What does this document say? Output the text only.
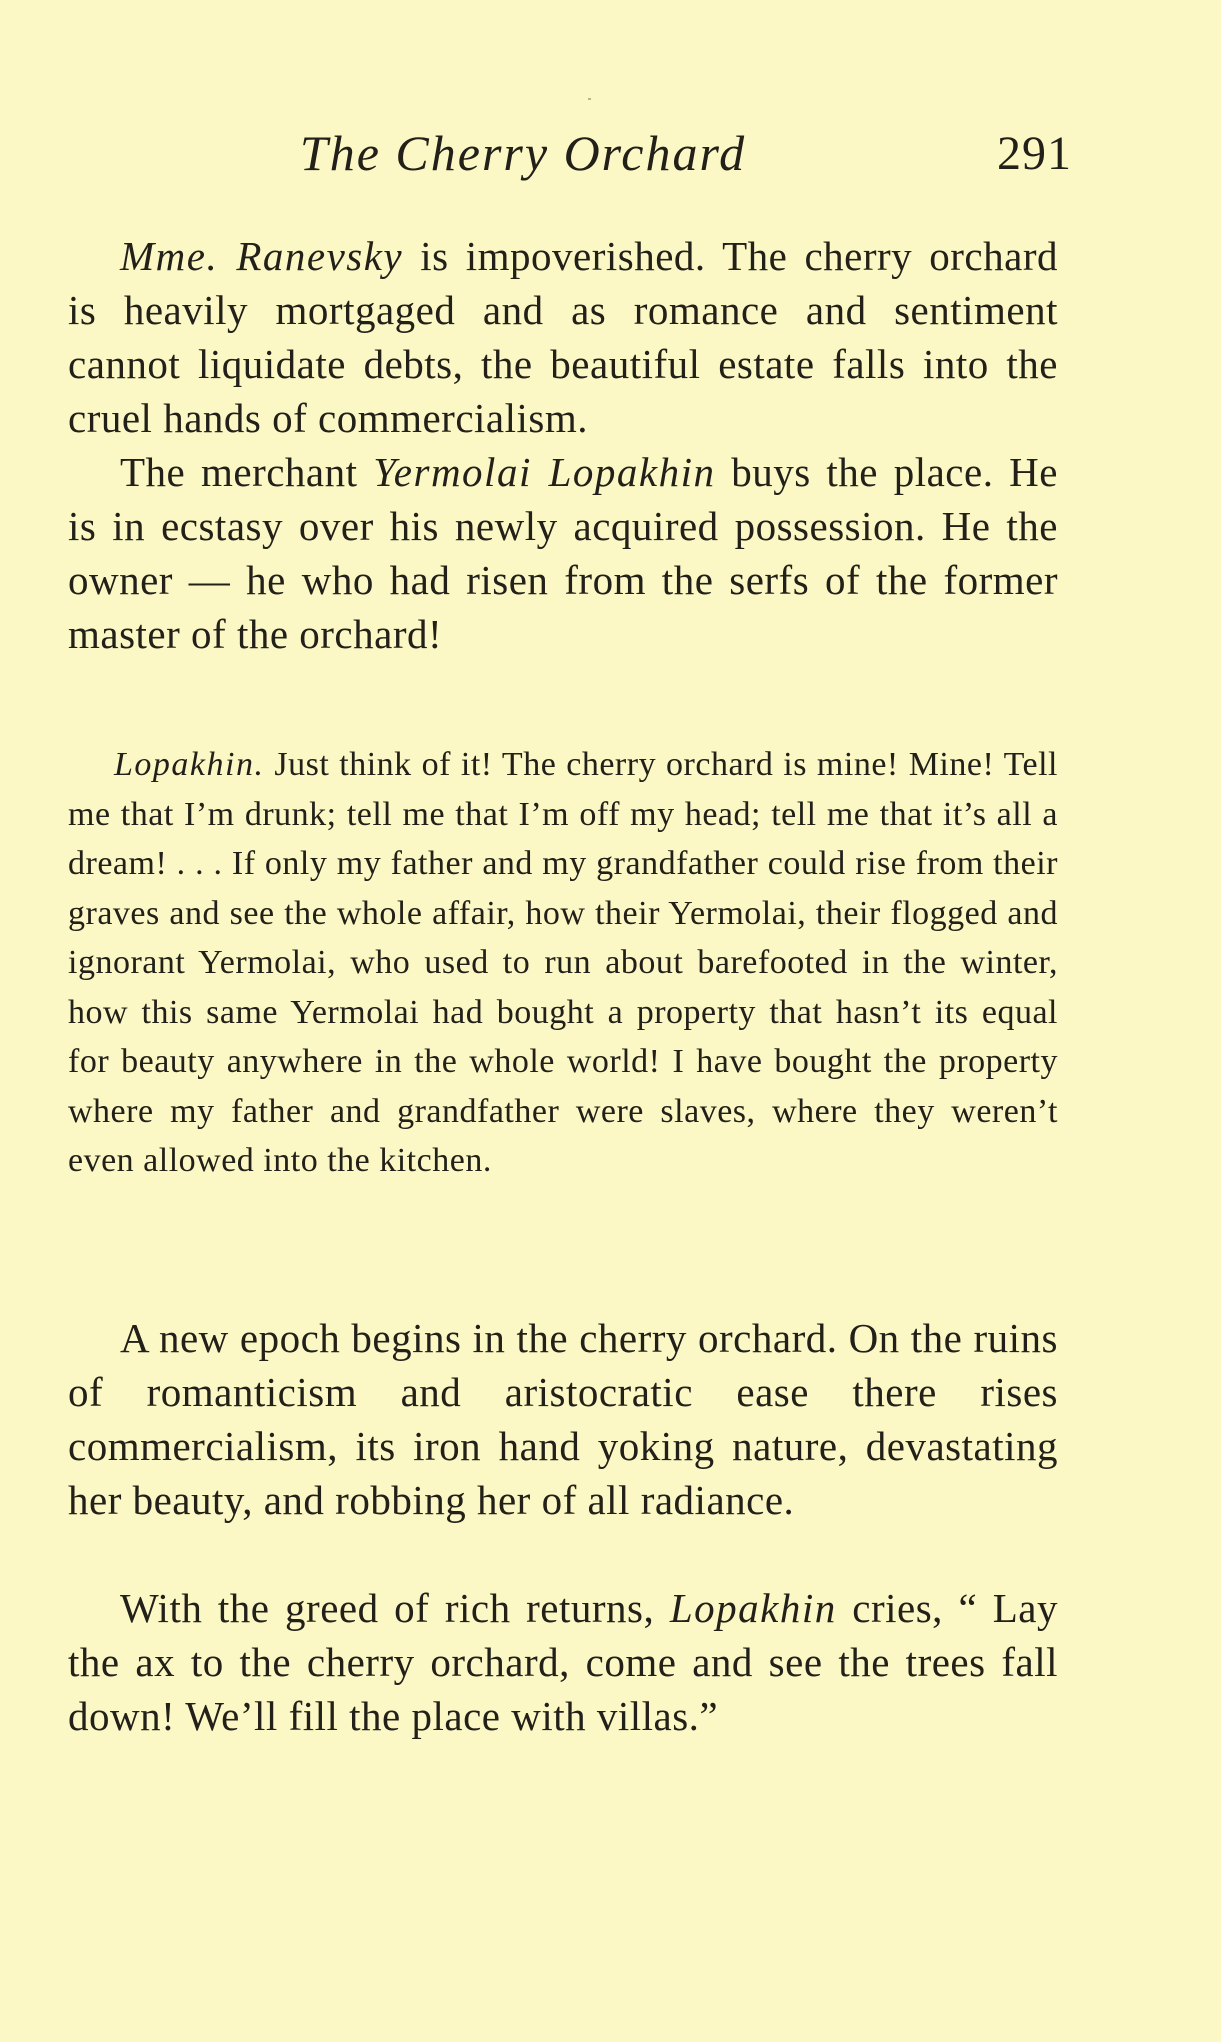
The Cherry Orchard	291

Mme. Ranevsky is impoverished. The cherry orchard is heavily mortgaged and as romance and sentiment cannot liquidate debts, the beautiful estate falls into the cruel hands of commercialism.

The merchant Yermolai Lopakhin buys the place. He is in ecstasy over his newly acquired possession. He the owner — he who had risen from the serfs of the former master of the orchard!

Lopakhin. Just think of it! The cherry orchard is mine! Mine! Tell me that I’m drunk; tell me that I’m off my head; tell me that it’s all a dream! . . . If only my father and my grandfather could rise from their graves and see the whole affair, how their Yermolai, their flogged and ignorant Yermolai, who used to run about barefooted in the winter, how this same Yermolai had bought a property that hasn’t its equal for beauty anywhere in the whole world! I have bought the property where my father and grandfather were slaves, where they weren’t even allowed into the kitchen.

A new epoch begins in the cherry orchard. On the ruins of romanticism and aristocratic ease there rises commercialism, its iron hand yoking nature, devastating her beauty, and robbing her of all radiance.

With the greed of rich returns, Lopakhin cries, “ Lay the ax to the cherry orchard, come and see the trees fall down! We’ll fill the place with villas.”
